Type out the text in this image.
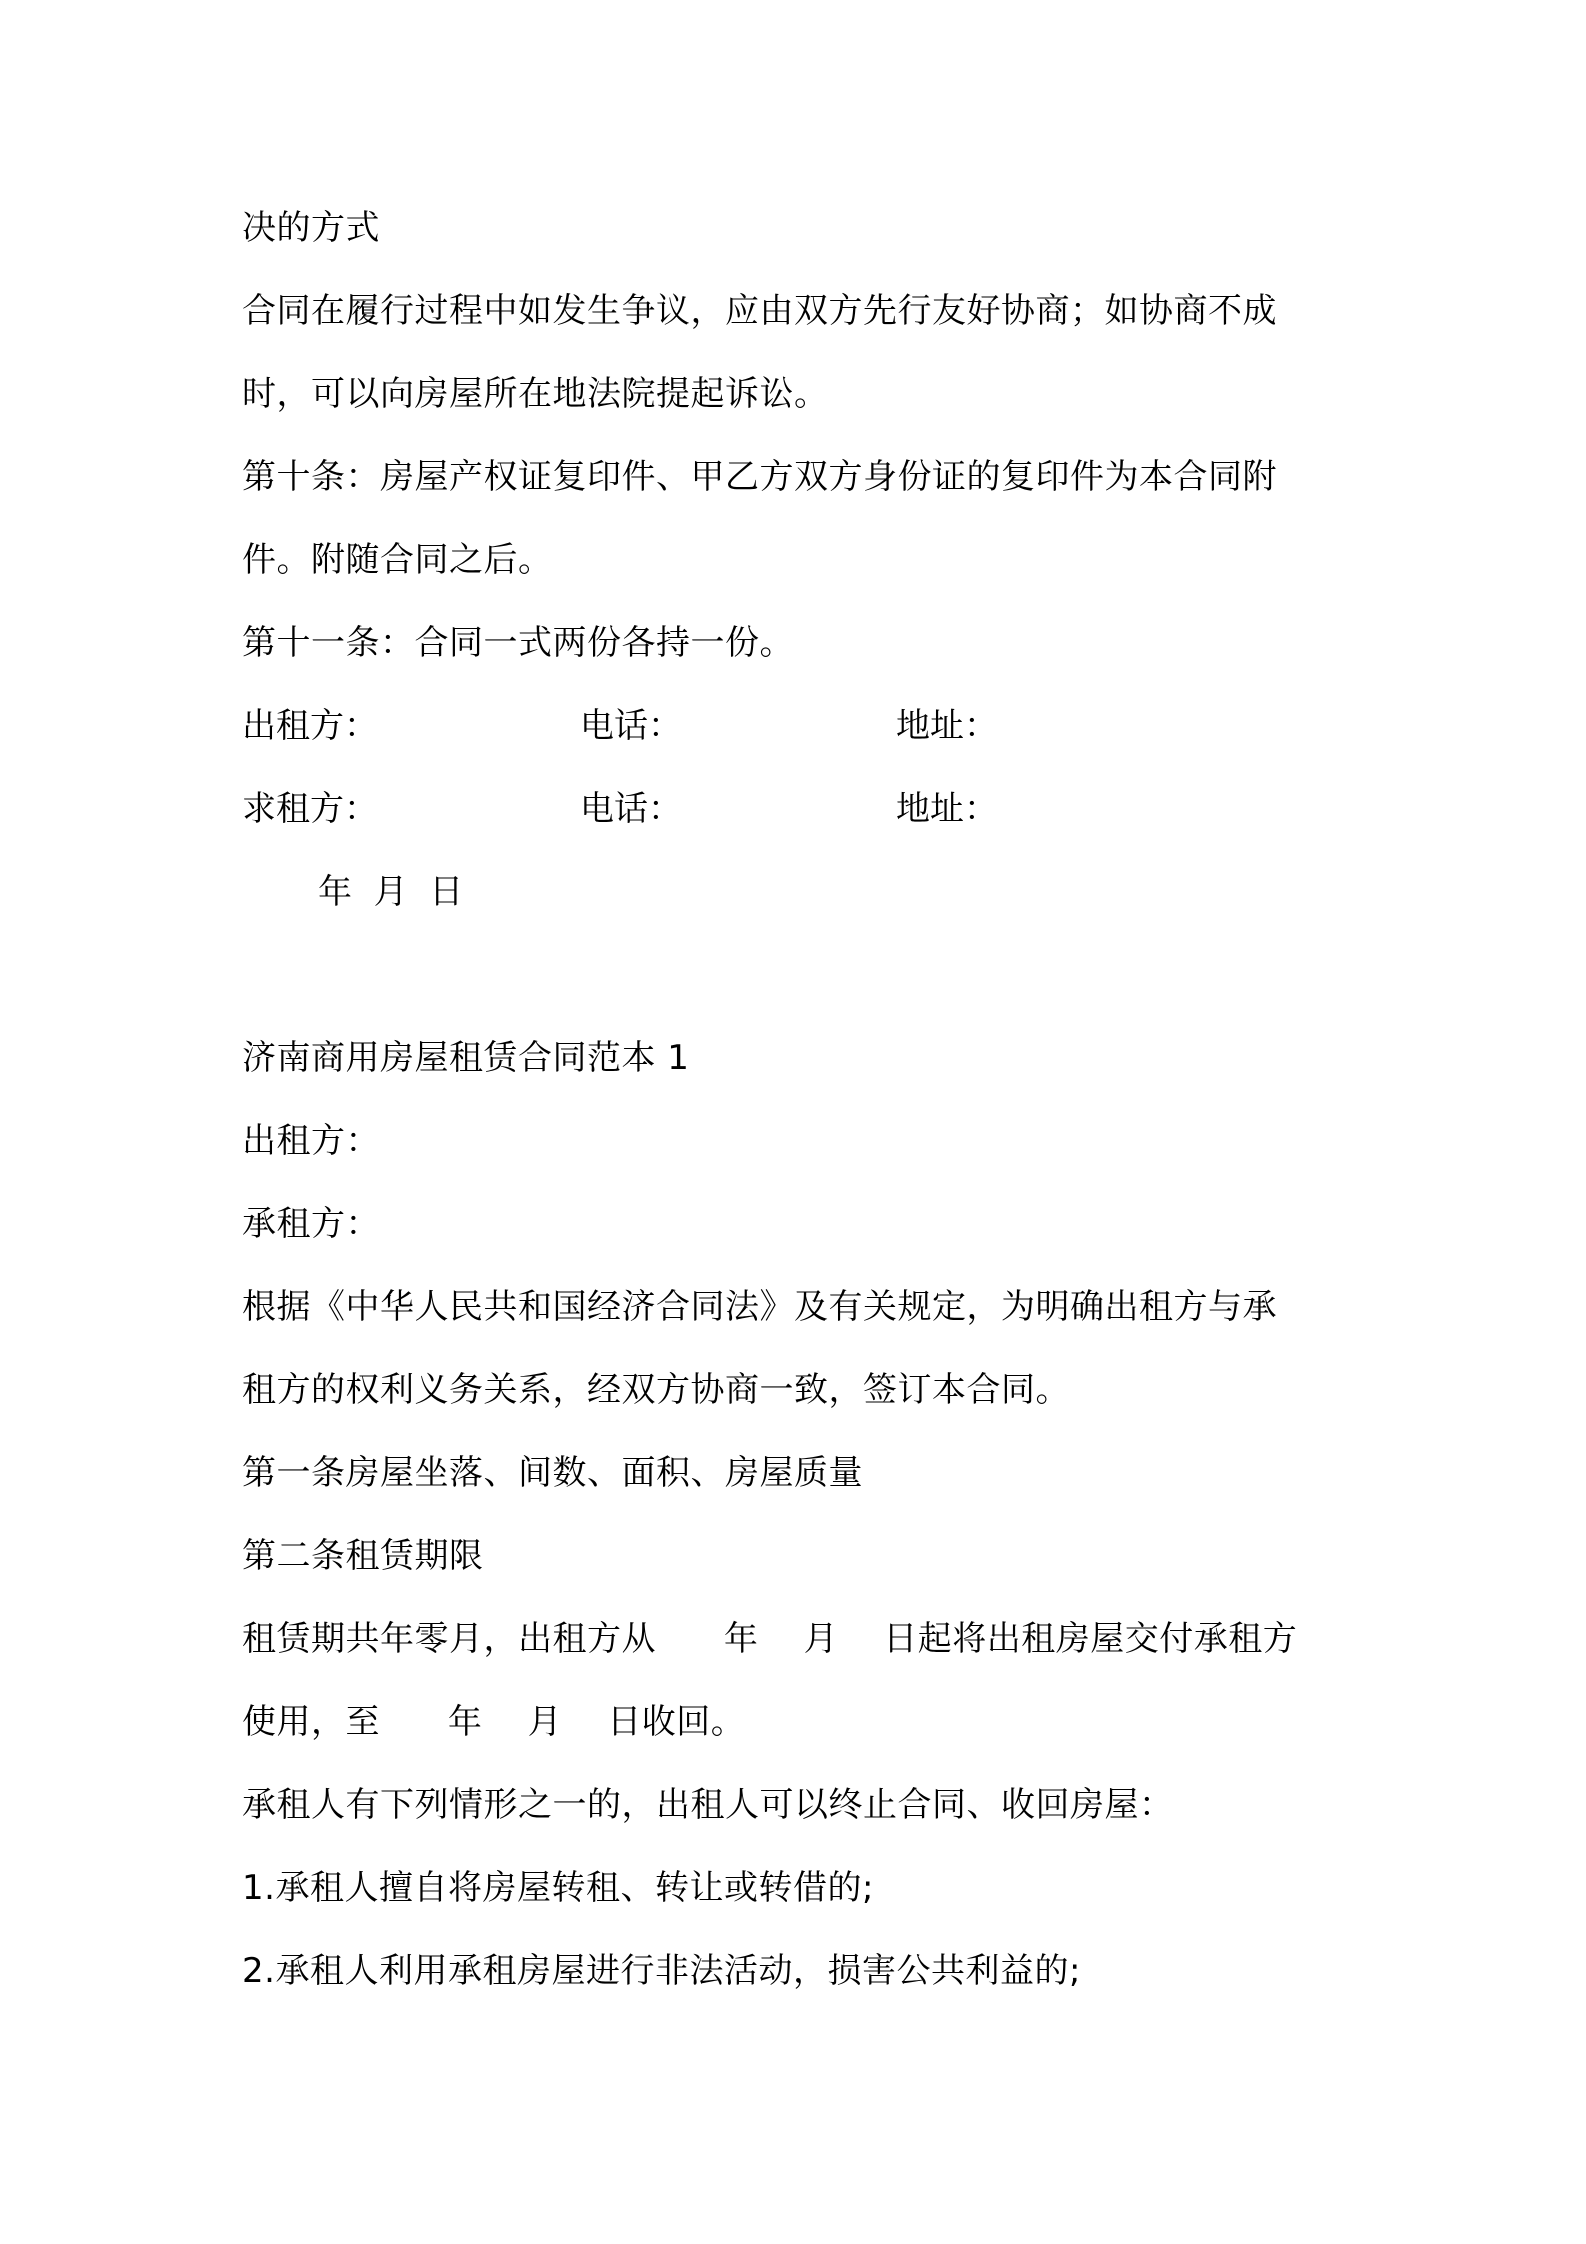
决的方式
合同在履行过程中如发生争议，应由双方先行友好协商；如协商不成
时，可以向房屋所在地法院提起诉讼。
第十条：房屋产权证复印件、甲乙方双方身份证的复印件为本合同附
件。附随合同之后。
第十一条：合同一式两份各持一份。
出租方：	电话：	地址：
求租方：	电话：	地址：
年  月  日
济南商用房屋租赁合同范本 1
出租方：
承租方：
根据《中华人民共和国经济合同法》及有关规定，为明确出租方与承
租方的权利义务关系，经双方协商一致，签订本合同。
第一条房屋坐落、间数、面积、房屋质量
第二条租赁期限
租赁期共年零月，出租方从      年    月    日起将出租房屋交付承租方
使用，至      年    月    日收回。
承租人有下列情形之一的，出租人可以终止合同、收回房屋：
1.承租人擅自将房屋转租、转让或转借的;
2.承租人利用承租房屋进行非法活动，损害公共利益的;
